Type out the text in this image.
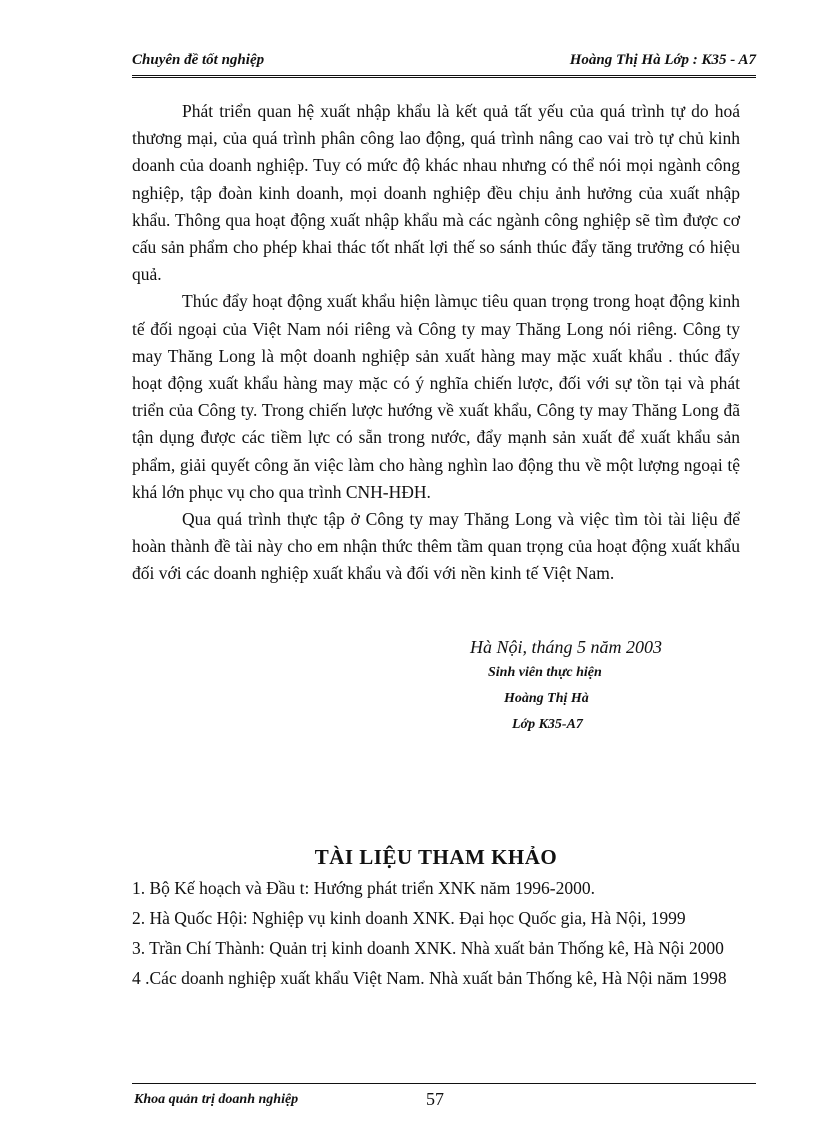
Chuyên đề tốt nghiệp	Hoàng Thị Hà Lớp : K35 - A7

Phát triển quan hệ xuất nhập khẩu là kết quả tất yếu của quá trình tự do hoá thương mại, của quá trình phân công lao động, quá trình nâng cao vai trò tự chủ kinh doanh của doanh nghiệp. Tuy có mức độ khác nhau nhưng có thể nói mọi ngành công nghiệp, tập đoàn kinh doanh, mọi doanh nghiệp đều chịu ảnh hưởng của xuất nhập khẩu. Thông qua hoạt động xuất nhập khẩu mà các ngành công nghiệp sẽ tìm được cơ cấu sản phẩm cho phép khai thác tốt nhất lợi thế so sánh thúc đẩy tăng trưởng có hiệu quả.

Thúc đẩy hoạt động xuất khẩu hiện làmục tiêu quan trọng trong hoạt động kinh tế đối ngoại của Việt Nam nói riêng và Công ty may Thăng Long nói riêng. Công ty may Thăng Long là một doanh nghiệp sản xuất hàng may mặc xuất khẩu . thúc đẩy hoạt động xuất khẩu hàng may mặc có ý nghĩa chiến lược, đối với sự tồn tại và phát triển của Công ty. Trong chiến lược hướng về xuất khẩu, Công ty may Thăng Long đã tận dụng được các tiềm lực có sẵn trong nước, đẩy mạnh sản xuất để xuất khẩu sản phẩm, giải quyết công ăn việc làm cho hàng nghìn lao động thu về một lượng ngoại tệ khá lớn phục vụ cho qua trình CNH-HĐH.

Qua quá trình thực tập ở Công ty may Thăng Long và việc tìm tòi tài liệu để hoàn thành đề tài này cho em nhận thức thêm tầm quan trọng của hoạt động xuất khẩu đối với các doanh nghiệp xuất khẩu và đối với nền kinh tế Việt Nam.

Hà Nội, tháng 5 năm 2003
Sinh viên thực hiện
Hoàng Thị Hà
Lớp K35-A7
TÀI LIỆU THAM KHẢO
1. Bộ Kế hoạch và Đầu t: Hướng phát triển XNK năm 1996-2000.
2. Hà Quốc Hội: Nghiệp vụ kinh doanh XNK. Đại học Quốc gia, Hà Nội, 1999
3. Trần Chí Thành: Quản trị kinh doanh XNK. Nhà xuất bản Thống kê, Hà Nội 2000
4 .Các doanh nghiệp xuất khẩu Việt Nam. Nhà xuất bản Thống kê, Hà Nội năm 1998
Khoa quản trị doanh nghiệp	57
